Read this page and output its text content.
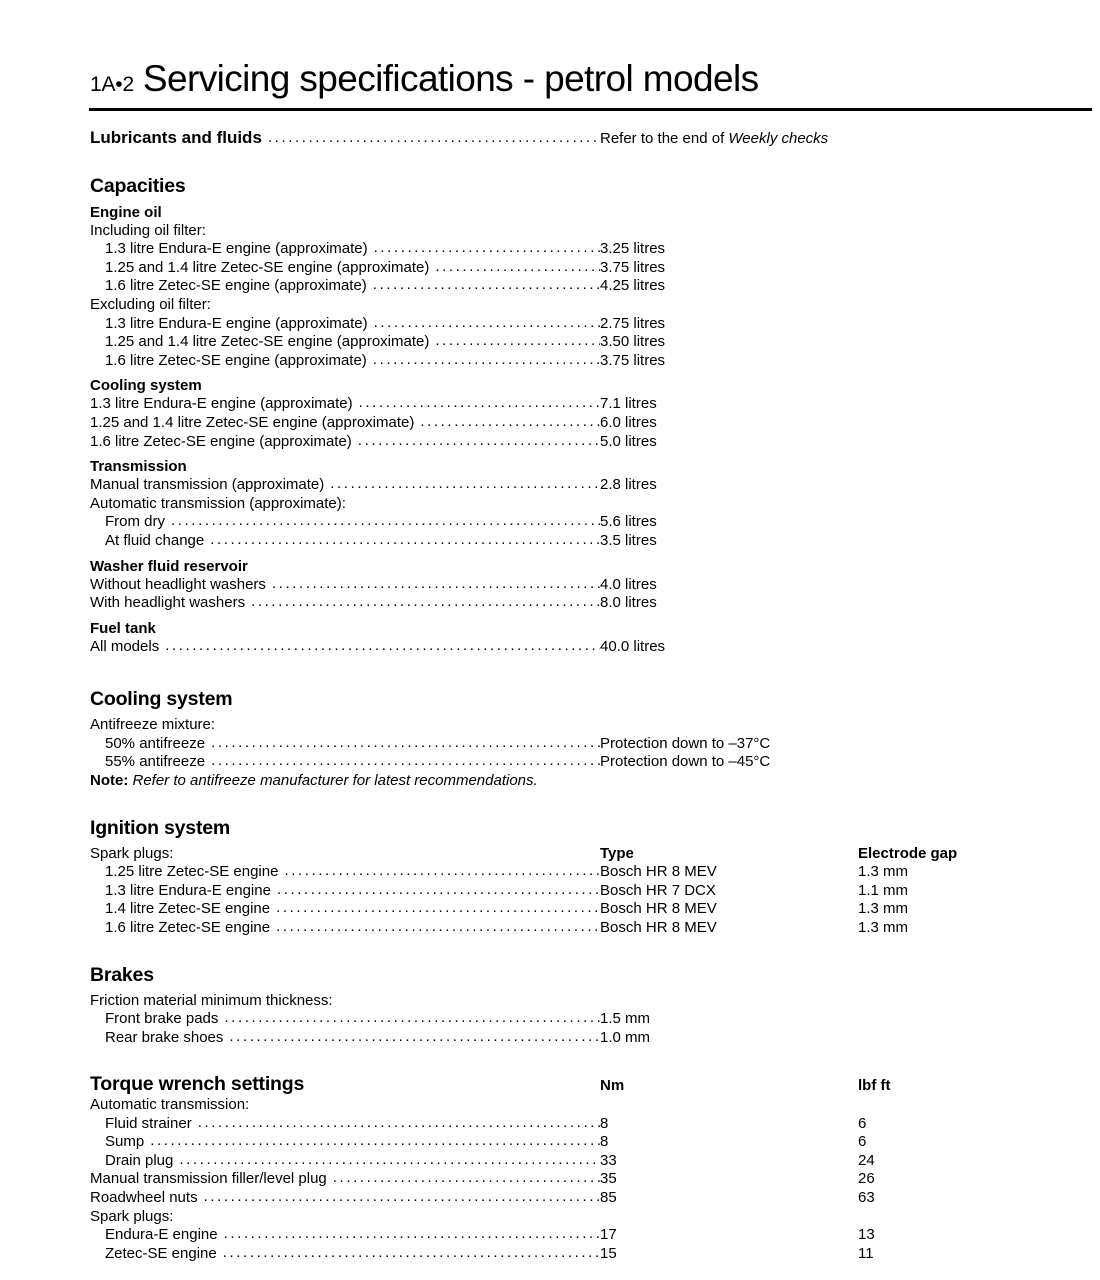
1A•2 Servicing specifications - petrol models
Lubricants and fluids .....	Refer to the end of Weekly checks
Capacities
Engine oil
Including oil filter:
1.3 litre Endura-E engine (approximate) .....	3.25 litres
1.25 and 1.4 litre Zetec-SE engine (approximate) .....	3.75 litres
1.6 litre Zetec-SE engine (approximate) .....	4.25 litres
Excluding oil filter:
1.3 litre Endura-E engine (approximate) .....	2.75 litres
1.25 and 1.4 litre Zetec-SE engine (approximate) .....	3.50 litres
1.6 litre Zetec-SE engine (approximate) .....	3.75 litres
Cooling system
1.3 litre Endura-E engine (approximate) .....	7.1 litres
1.25 and 1.4 litre Zetec-SE engine (approximate) .....	6.0 litres
1.6 litre Zetec-SE engine (approximate) .....	5.0 litres
Transmission
Manual transmission (approximate) .....	2.8 litres
Automatic transmission (approximate):
From dry .....	5.6 litres
At fluid change .....	3.5 litres
Washer fluid reservoir
Without headlight washers .....	4.0 litres
With headlight washers .....	8.0 litres
Fuel tank
All models .....	40.0 litres
Cooling system
Antifreeze mixture:
50% antifreeze .....	Protection down to –37°C
55% antifreeze .....	Protection down to –45°C
Note: Refer to antifreeze manufacturer for latest recommendations.
Ignition system
Spark plugs:	Type	Electrode gap
1.25 litre Zetec-SE engine .....	Bosch HR 8 MEV	1.3 mm
1.3 litre Endura-E engine .....	Bosch HR 7 DCX	1.1 mm
1.4 litre Zetec-SE engine .....	Bosch HR 8 MEV	1.3 mm
1.6 litre Zetec-SE engine .....	Bosch HR 8 MEV	1.3 mm
Brakes
Friction material minimum thickness:
Front brake pads .....	1.5 mm
Rear brake shoes .....	1.0 mm
Torque wrench settings	Nm	lbf ft
Automatic transmission:
Fluid strainer .....	8	6
Sump .....	8	6
Drain plug .....	33	24
Manual transmission filler/level plug .....	35	26
Roadwheel nuts .....	85	63
Spark plugs:
Endura-E engine .....	17	13
Zetec-SE engine .....	15	11
